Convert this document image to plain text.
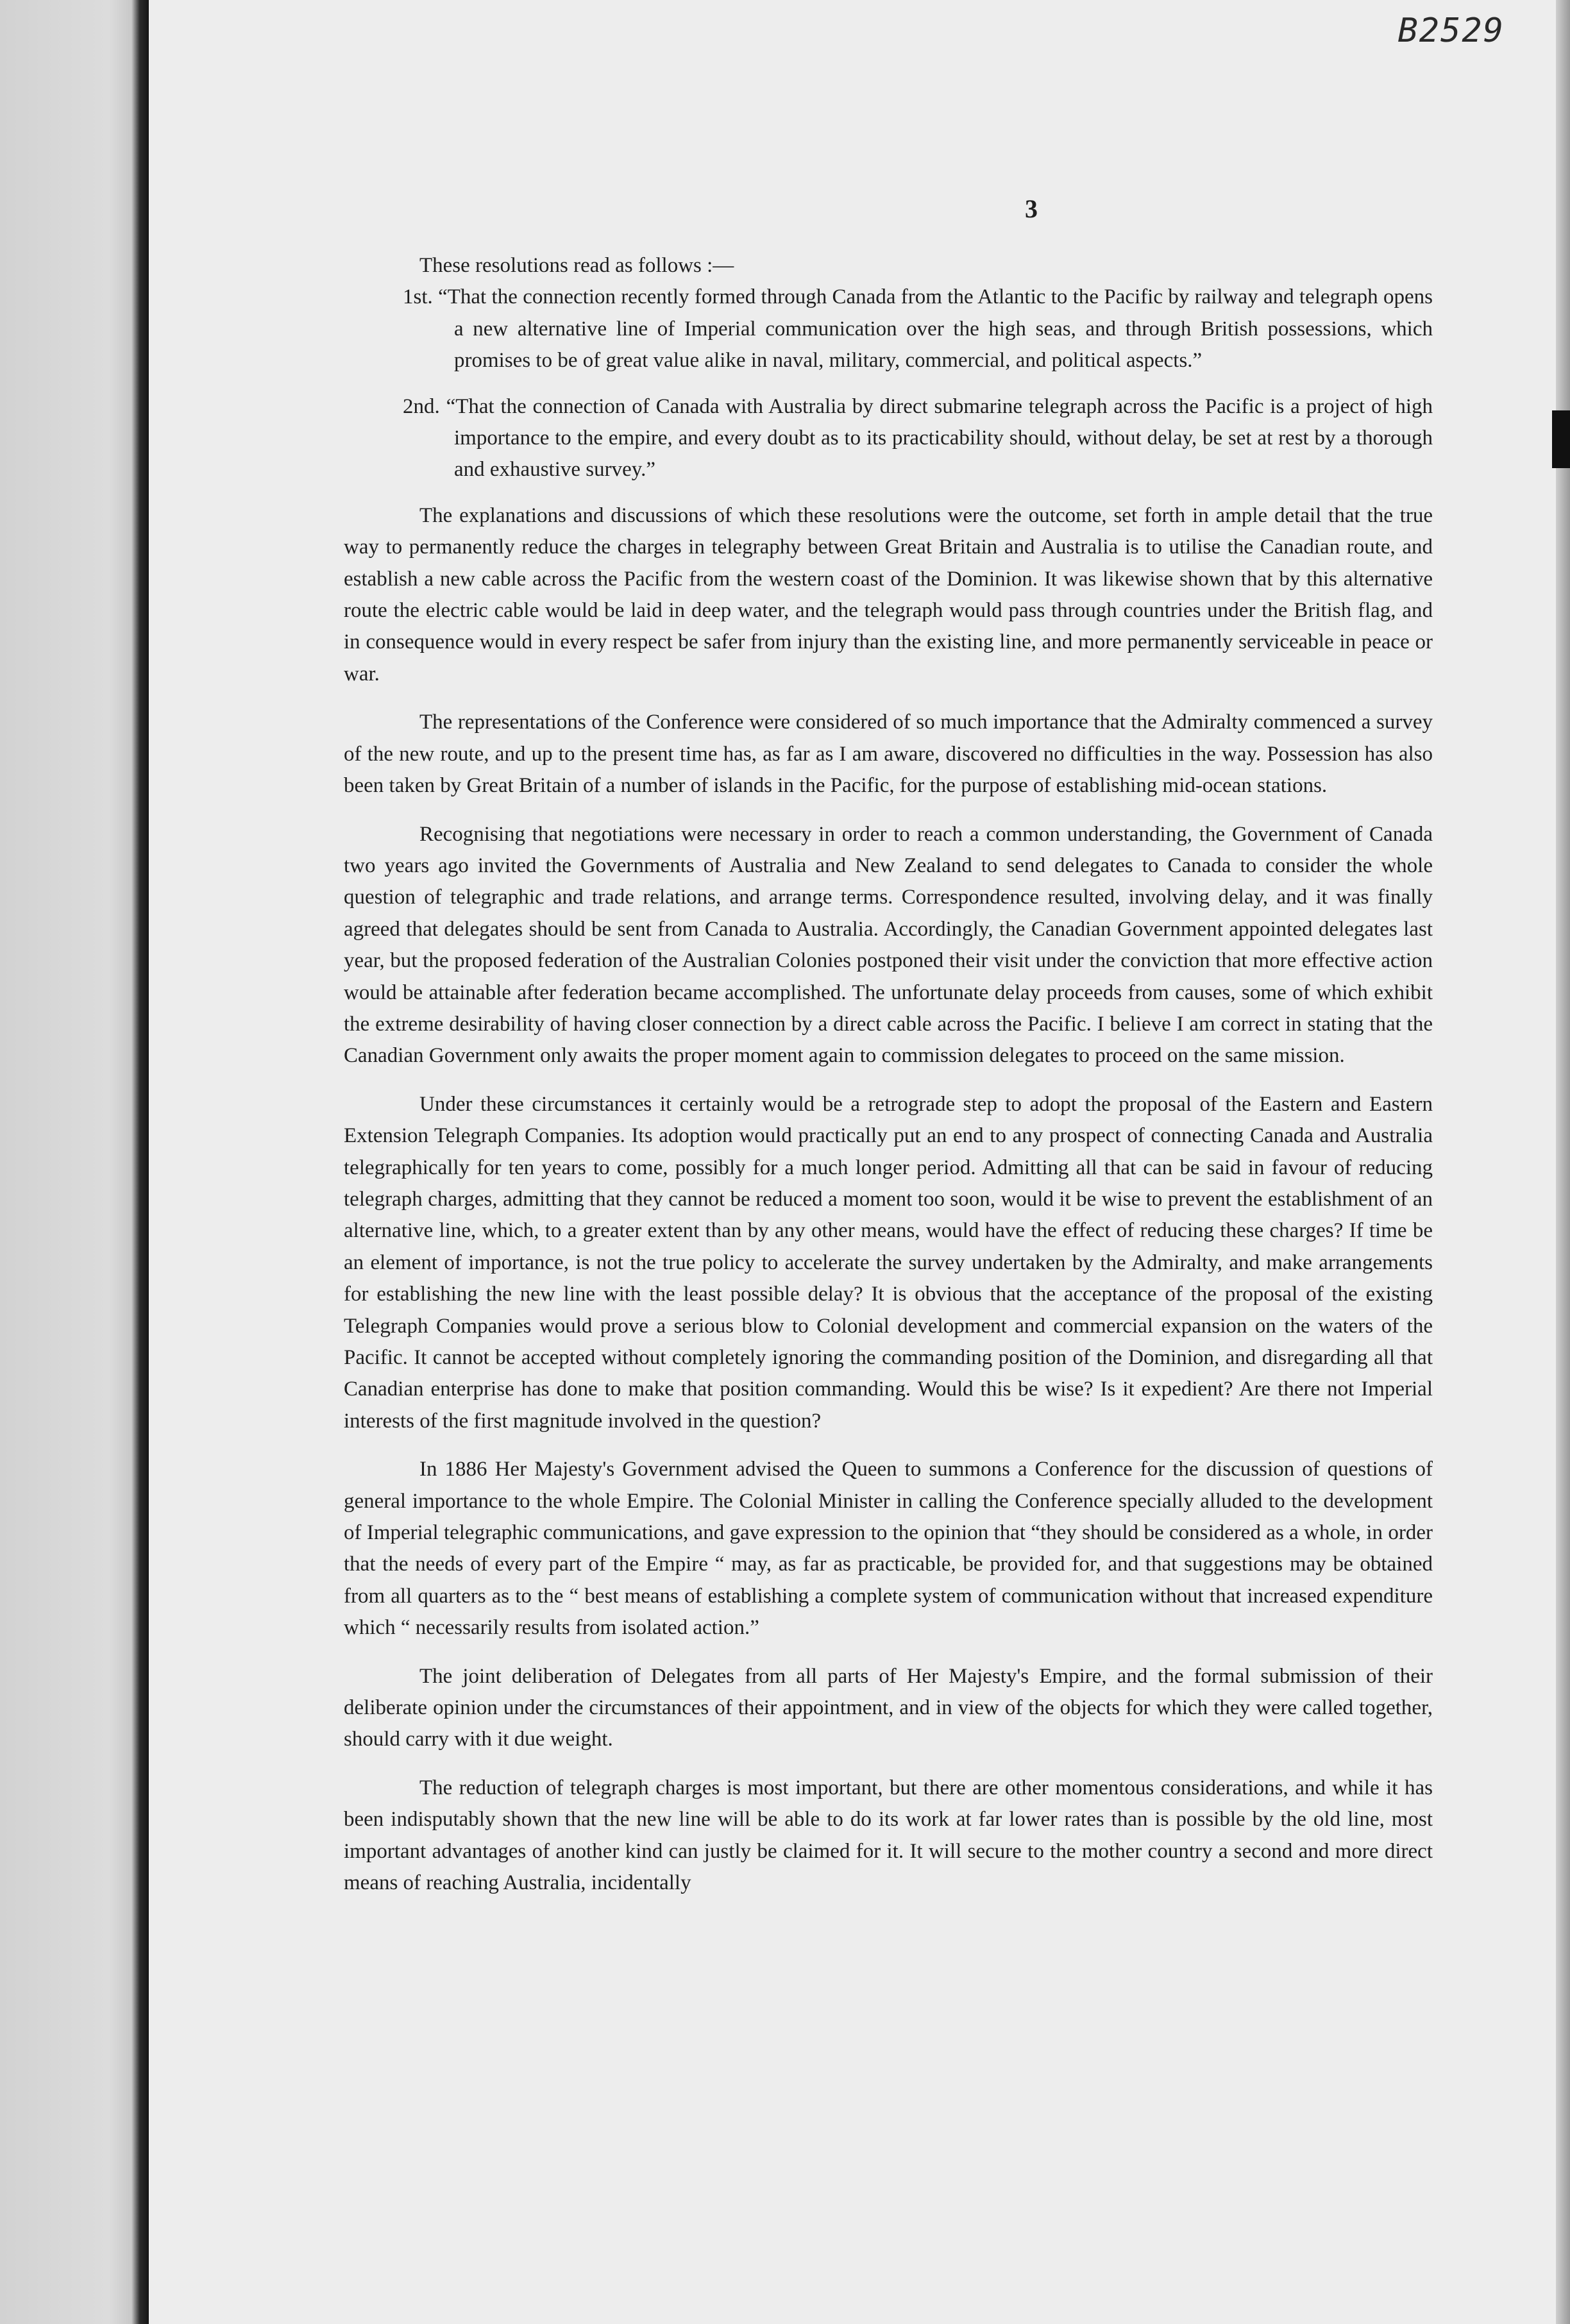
B2529
3

These resolutions read as follows :—

1st. “That the connection recently formed through Canada from the Atlantic to the Pacific by railway and telegraph opens a new alternative line of Imperial communication over the high seas, and through British possessions, which promises to be of great value alike in naval, military, commercial, and political aspects.”

2nd. “That the connection of Canada with Australia by direct submarine telegraph across the Pacific is a project of high importance to the empire, and every doubt as to its practicability should, without delay, be set at rest by a thorough and exhaustive survey.”

The explanations and discussions of which these resolutions were the outcome, set forth in ample detail that the true way to permanently reduce the charges in telegraphy between Great Britain and Australia is to utilise the Canadian route, and establish a new cable across the Pacific from the western coast of the Dominion. It was likewise shown that by this alternative route the electric cable would be laid in deep water, and the telegraph would pass through countries under the British flag, and in consequence would in every respect be safer from injury than the existing line, and more permanently serviceable in peace or war.

The representations of the Conference were considered of so much importance that the Admiralty commenced a survey of the new route, and up to the present time has, as far as I am aware, discovered no difficulties in the way. Possession has also been taken by Great Britain of a number of islands in the Pacific, for the purpose of establishing mid-ocean stations.

Recognising that negotiations were necessary in order to reach a common understanding, the Government of Canada two years ago invited the Governments of Australia and New Zealand to send delegates to Canada to consider the whole question of telegraphic and trade relations, and arrange terms. Correspondence resulted, involving delay, and it was finally agreed that delegates should be sent from Canada to Australia. Accordingly, the Canadian Government appointed delegates last year, but the proposed federation of the Australian Colonies postponed their visit under the conviction that more effective action would be attainable after federation became accomplished. The unfortunate delay proceeds from causes, some of which exhibit the extreme desirability of having closer connection by a direct cable across the Pacific. I believe I am correct in stating that the Canadian Government only awaits the proper moment again to commission delegates to proceed on the same mission.

Under these circumstances it certainly would be a retrograde step to adopt the proposal of the Eastern and Eastern Extension Telegraph Companies. Its adoption would practically put an end to any prospect of connecting Canada and Australia telegraphically for ten years to come, possibly for a much longer period. Admitting all that can be said in favour of reducing telegraph charges, admitting that they cannot be reduced a moment too soon, would it be wise to prevent the establishment of an alternative line, which, to a greater extent than by any other means, would have the effect of reducing these charges? If time be an element of importance, is not the true policy to accelerate the survey undertaken by the Admiralty, and make arrangements for establishing the new line with the least possible delay? It is obvious that the acceptance of the proposal of the existing Telegraph Companies would prove a serious blow to Colonial development and commercial expansion on the waters of the Pacific. It cannot be accepted without completely ignoring the commanding position of the Dominion, and disregarding all that Canadian enterprise has done to make that position commanding. Would this be wise? Is it expedient? Are there not Imperial interests of the first magnitude involved in the question?

In 1886 Her Majesty's Government advised the Queen to summons a Conference for the discussion of questions of general importance to the whole Empire. The Colonial Minister in calling the Conference specially alluded to the development of Imperial telegraphic communications, and gave expression to the opinion that “they should be considered as a whole, in order that the needs of every part of the Empire “ may, as far as practicable, be provided for, and that suggestions may be obtained from all quarters as to the “ best means of establishing a complete system of communication without that increased expenditure which “ necessarily results from isolated action.”

The joint deliberation of Delegates from all parts of Her Majesty's Empire, and the formal submission of their deliberate opinion under the circumstances of their appointment, and in view of the objects for which they were called together, should carry with it due weight.

The reduction of telegraph charges is most important, but there are other momentous considerations, and while it has been indisputably shown that the new line will be able to do its work at far lower rates than is possible by the old line, most important advantages of another kind can justly be claimed for it. It will secure to the mother country a second and more direct means of reaching Australia, incidentally
